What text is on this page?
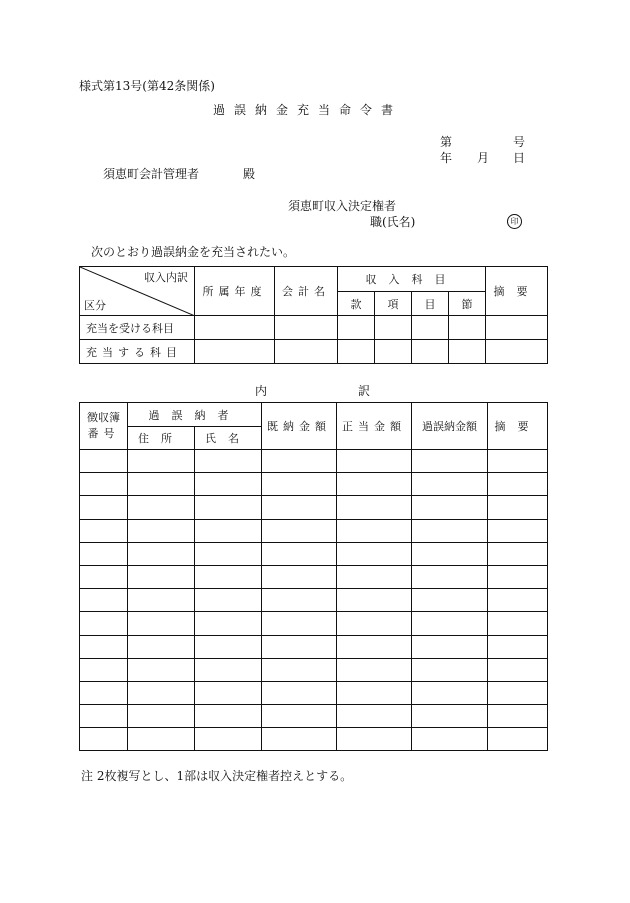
様式第13号(第42条関係)
過誤納金充当命令書
第	号
年 月 日
須恵町会計管理者	殿
須恵町収入決定権者
職(氏名)	印
次のとおり過誤納金を充当されたい。
収入内訳
区分	所属年度	会計名	収入科目				摘要
			款	項	目	節	
充当を受ける科目							
充当する科目							
内	訳
徴収簿
番号	過誤納者		既納金額	正当金額	過誤納金額	摘要
	住所	氏名				

注 2枚複写とし、1部は収入決定権者控えとする。
